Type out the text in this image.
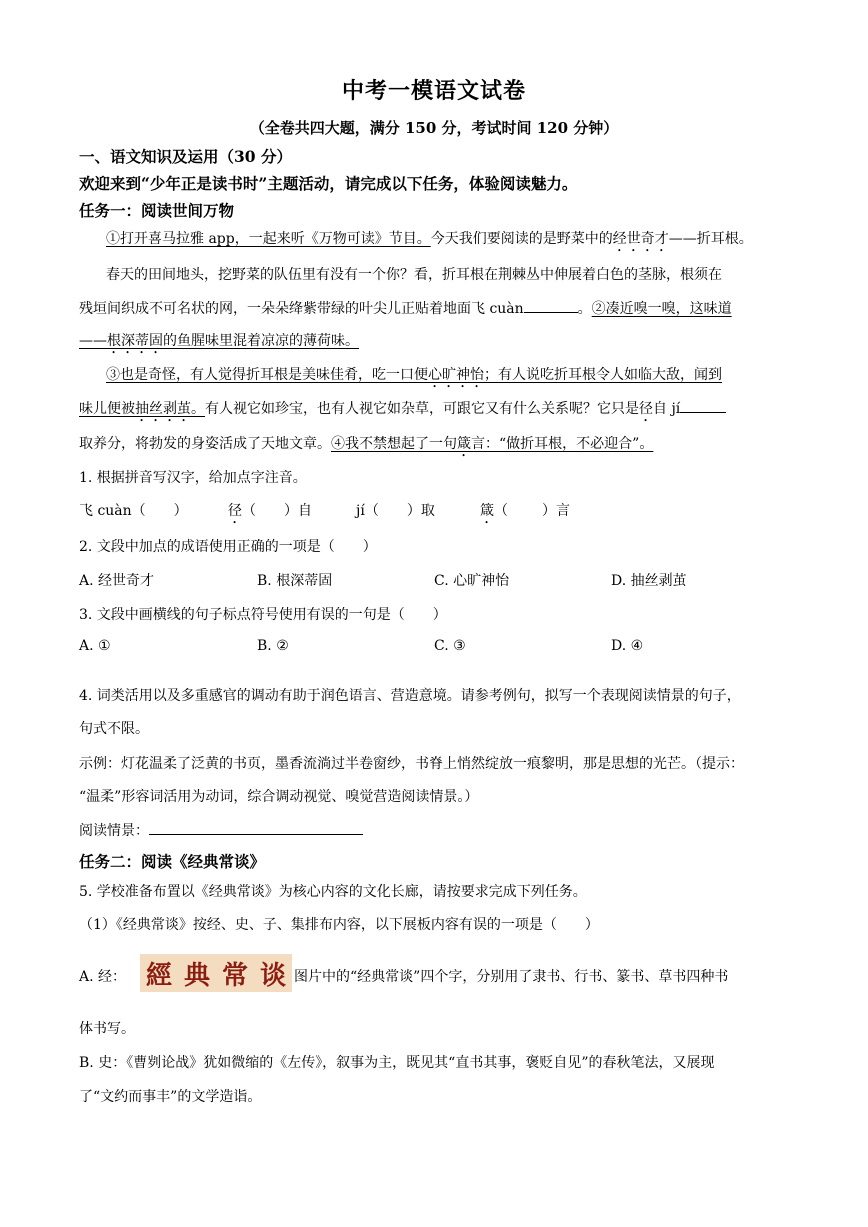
中考一模语文试卷
（全卷共四大题，满分 150 分，考试时间 120 分钟）
一、语文知识及运用（30 分）
欢迎来到“少年正是读书时”主题活动，请完成以下任务，体验阅读魅力。
任务一：阅读世间万物
①打开喜马拉雅 app，一起来听《万物可读》节目。今天我们要阅读的是野菜中的经世奇才——折耳根。
春天的田间地头，挖野菜的队伍里有没有一个你？看，折耳根在荆棘丛中伸展着白色的茎脉，根须在
残垣间织成不可名状的网，一朵朵绛紫带绿的叶尖儿正贴着地面飞 cuàn	。②凑近嗅一嗅，这味道
——根深蒂固的鱼腥味里混着凉凉的薄荷味。
③也是奇怪，有人觉得折耳根是美味佳肴，吃一口便心旷神怡；有人说吃折耳根令人如临大敌，闻到
味儿便被抽丝剥茧。有人视它如珍宝，也有人视它如杂草，可跟它又有什么关系呢？它只是径自 jí
取养分，将勃发的身姿活成了天地文章。④我不禁想起了一句箴言：“做折耳根，不必迎合”。
1. 根据拼音写汉字，给加点字注音。
飞 cuàn（ ）	径（ ）自	jí（ ）取	箴（ ）言
2. 文段中加点的成语使用正确的一项是（　　）
A. 经世奇才	B. 根深蒂固	C. 心旷神怡	D. 抽丝剥茧
3. 文段中画横线的句子标点符号使用有误的一句是（　　）
A. ①	B. ②	C. ③	D. ④
4. 词类活用以及多重感官的调动有助于润色语言、营造意境。请参考例句，拟写一个表现阅读情景的句子，
句式不限。
示例：灯花温柔了泛黄的书页，墨香流淌过半卷窗纱，书脊上悄然绽放一痕黎明，那是思想的光芒。（提示：
“温柔”形容词活用为动词，综合调动视觉、嗅觉营造阅读情景。）
阅读情景：
任务二：阅读《经典常谈》
5. 学校准备布置以《经典常谈》为核心内容的文化长廊，请按要求完成下列任务。
（1）《经典常谈》按经、史、子、集排布内容，以下展板内容有误的一项是（　　）
A. 经： 經 典 常 谈 图片中的“经典常谈”四个字，分别用了隶书、行书、篆书、草书四种书
体书写。
B. 史：《曹刿论战》犹如微缩的《左传》，叙事为主，既见其“直书其事，褒贬自见”的春秋笔法，又展现
了“文约而事丰”的文学造诣。
